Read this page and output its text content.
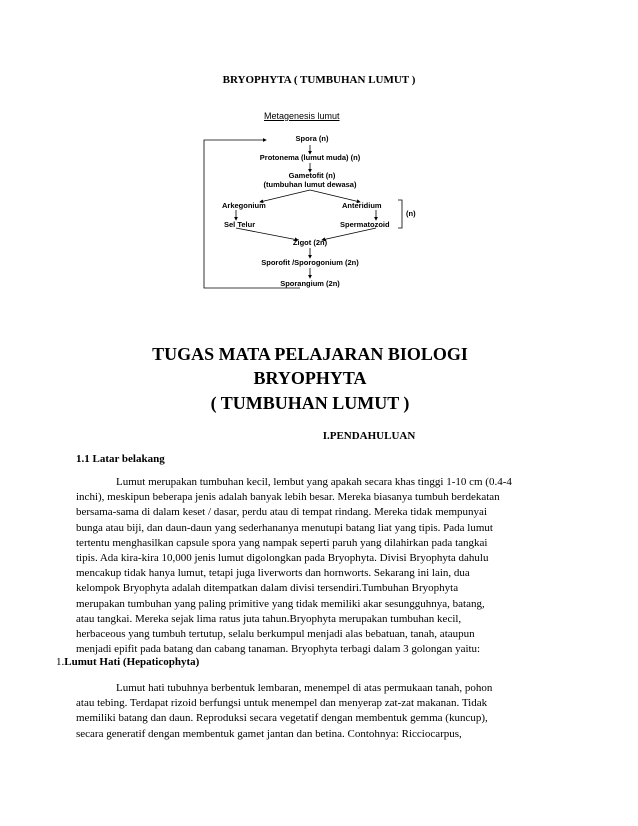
BRYOPHYTA ( TUMBUHAN LUMUT )
Metagenesis lumut
Spora (n)
Protonema (lumut muda) (n)
Gametofit (n)
(tumbuhan lumut dewasa)
Arkegonium	Anteridium
Sel Telur	Spermatozoid
(n)
Zigot (2n)
Sporofit /Sporogonium (2n)
Sporangium (2n)
TUGAS MATA PELAJARAN BIOLOGI
BRYOPHYTA
( TUMBUHAN LUMUT )
I.PENDAHULUAN
1.1 Latar belakang
Lumut merupakan tumbuhan kecil, lembut yang apakah secara khas tinggi 1-10 cm (0.4-4
inchi), meskipun beberapa jenis adalah banyak lebih besar. Mereka biasanya tumbuh berdekatan
bersama-sama di dalam keset / dasar, perdu atau di tempat rindang. Mereka tidak mempunyai
bunga atau biji, dan daun-daun yang sederhananya menutupi batang liat yang tipis. Pada lumut
tertentu menghasilkan capsule spora yang nampak seperti paruh yang dilahirkan pada tangkai
tipis. Ada kira-kira 10,000 jenis lumut digolongkan pada Bryophyta. Divisi Bryophyta dahulu
mencakup tidak hanya lumut, tetapi juga liverworts dan hornworts. Sekarang ini lain, dua
kelompok Bryophyta adalah ditempatkan dalam divisi tersendiri.Tumbuhan Bryophyta
merupakan tumbuhan yang paling primitive yang tidak memiliki akar sesungguhnya, batang,
atau tangkai. Mereka sejak lima ratus juta tahun.Bryophyta merupakan tumbuhan kecil,
herbaceous yang tumbuh tertutup, selalu berkumpul menjadi alas bebatuan, tanah, ataupun
menjadi epifit pada batang dan cabang tanaman. Bryophyta terbagi dalam 3 golongan yaitu:
1.Lumut Hati (Hepaticophyta)
Lumut hati tubuhnya berbentuk lembaran, menempel di atas permukaan tanah, pohon
atau tebing. Terdapat rizoid berfungsi untuk menempel dan menyerap zat-zat makanan. Tidak
memiliki batang dan daun. Reproduksi secara vegetatif dengan membentuk gemma (kuncup),
secara generatif dengan membentuk gamet jantan dan betina. Contohnya: Ricciocarpus,
